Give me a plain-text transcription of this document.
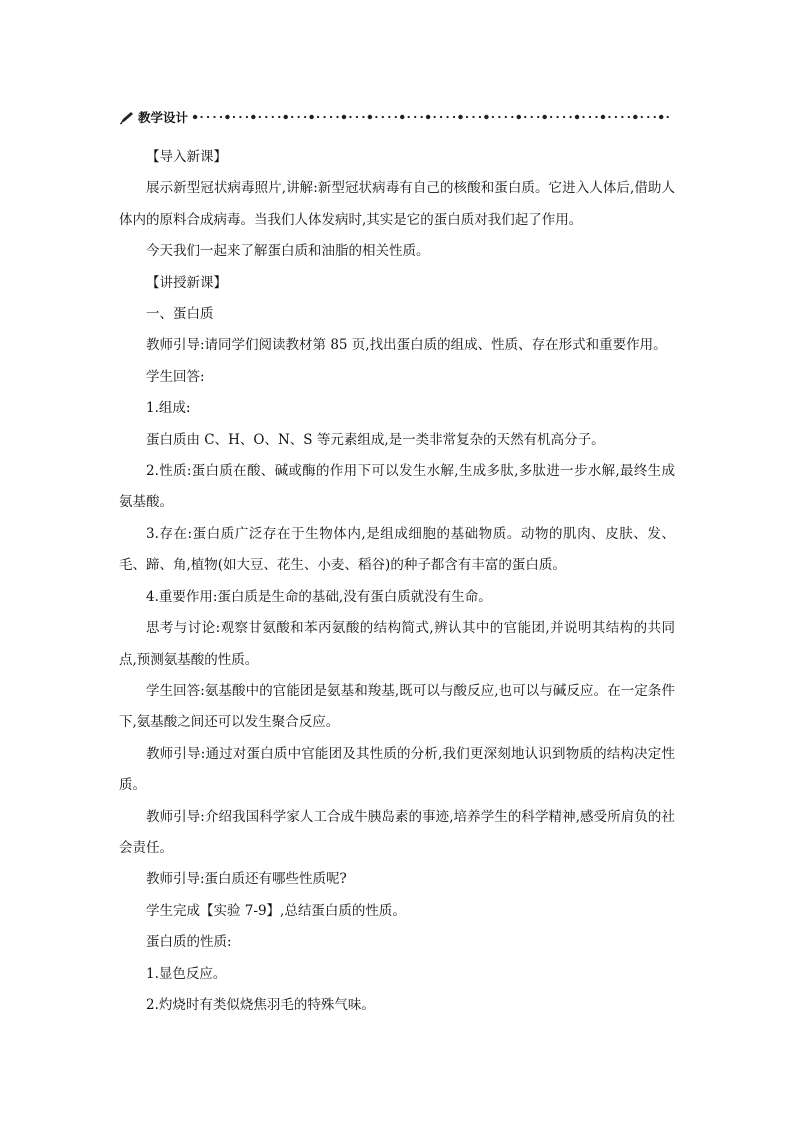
教学设计

【导入新课】

展示新型冠状病毒照片,讲解:新型冠状病毒有自己的核酸和蛋白质。它进入人体后,借助人体内的原料合成病毒。当我们人体发病时,其实是它的蛋白质对我们起了作用。

今天我们一起来了解蛋白质和油脂的相关性质。

【讲授新课】

一、蛋白质

教师引导:请同学们阅读教材第 85 页,找出蛋白质的组成、性质、存在形式和重要作用。

学生回答:

1.组成:

蛋白质由 C、H、O、N、S 等元素组成,是一类非常复杂的天然有机高分子。

2.性质:蛋白质在酸、碱或酶的作用下可以发生水解,生成多肽,多肽进一步水解,最终生成氨基酸。

3.存在:蛋白质广泛存在于生物体内,是组成细胞的基础物质。动物的肌肉、皮肤、发、毛、蹄、角,植物(如大豆、花生、小麦、稻谷)的种子都含有丰富的蛋白质。

4.重要作用:蛋白质是生命的基础,没有蛋白质就没有生命。

思考与讨论:观察甘氨酸和苯丙氨酸的结构简式,辨认其中的官能团,并说明其结构的共同点,预测氨基酸的性质。

学生回答:氨基酸中的官能团是氨基和羧基,既可以与酸反应,也可以与碱反应。在一定条件下,氨基酸之间还可以发生聚合反应。

教师引导:通过对蛋白质中官能团及其性质的分析,我们更深刻地认识到物质的结构决定性质。

教师引导:介绍我国科学家人工合成牛胰岛素的事迹,培养学生的科学精神,感受所肩负的社会责任。

教师引导:蛋白质还有哪些性质呢?

学生完成【实验 7-9】,总结蛋白质的性质。

蛋白质的性质:

1.显色反应。

2.灼烧时有类似烧焦羽毛的特殊气味。
